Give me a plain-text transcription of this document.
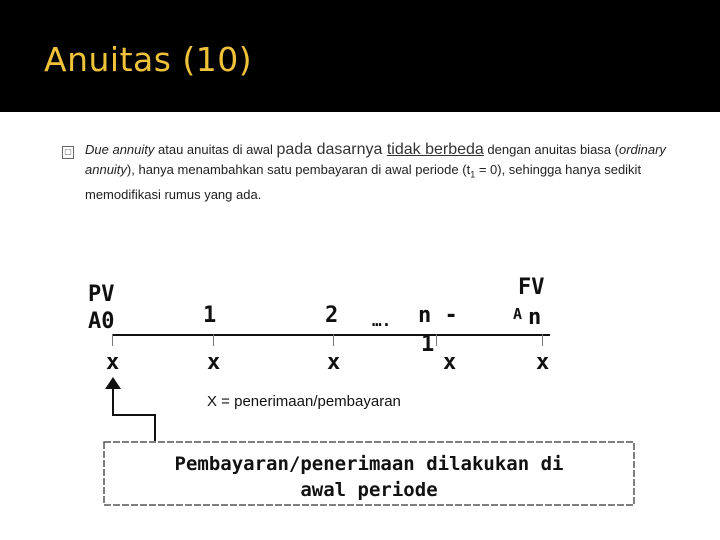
Anuitas (10)
□ Due annuity atau anuitas di awal pada dasarnya tidak berbeda dengan anuitas biasa (ordinary annuity), hanya menambahkan satu pembayaran di awal periode $(t_1 = 0)$, sehingga hanya sedikit memodifikasi rumus yang ada.
PV
A0	1	2 …. n -
1
FV
A n
x	x	x	x	x
X = penerimaan/pembayaran
Pembayaran/penerimaan dilakukan di
awal periode
